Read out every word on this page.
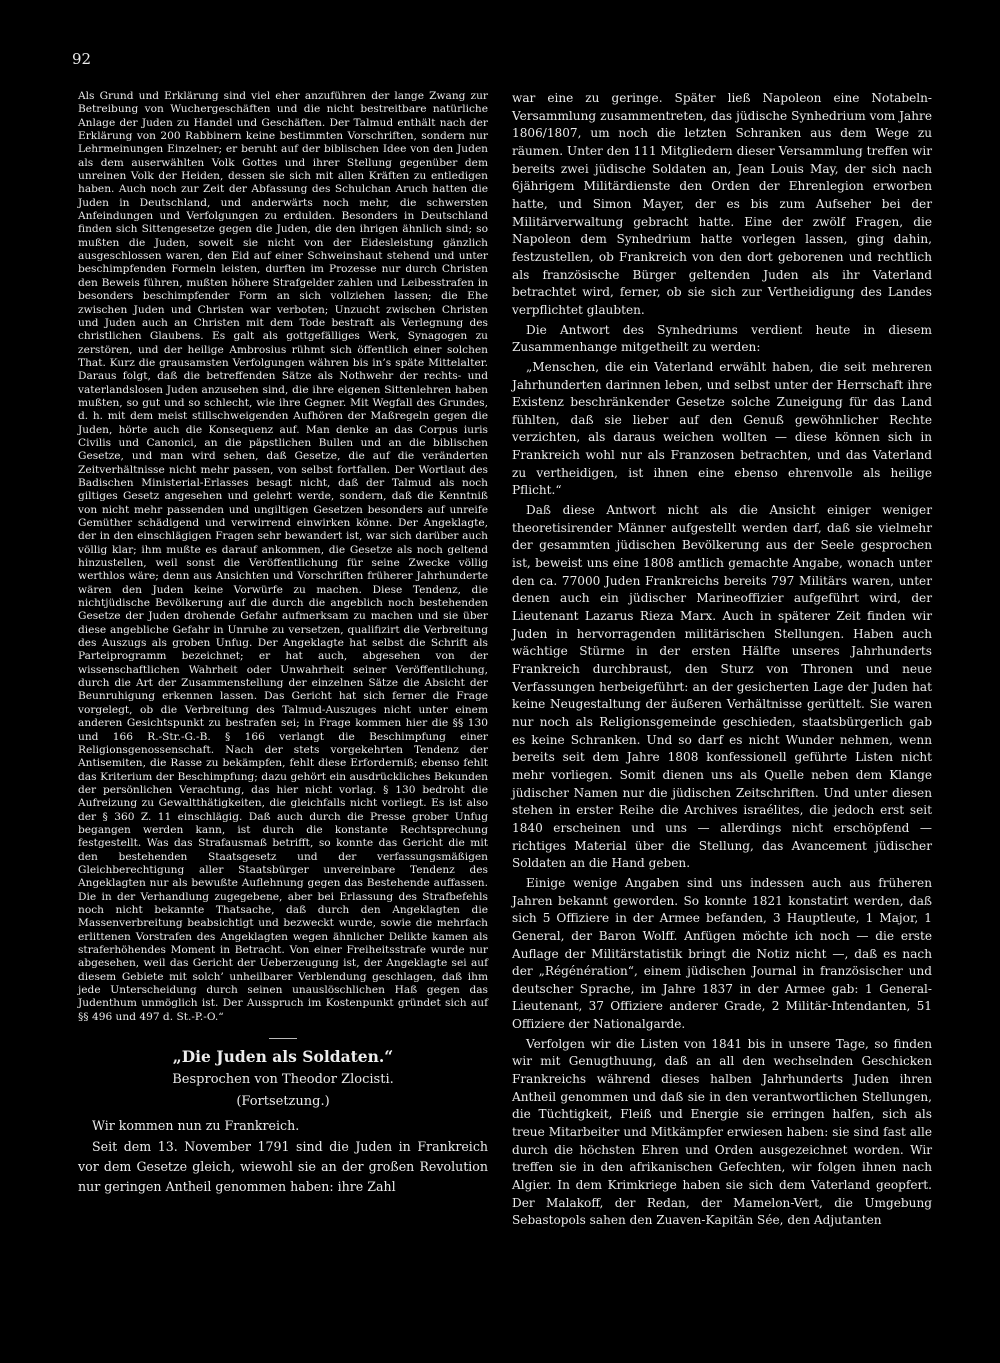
92

Als Grund und Erklärung sind viel eher anzuführen der lange Zwang zur Betreibung von Wuchergeschäften und die nicht bestreitbare natürliche Anlage der Juden zu Handel und Geschäften. Der Talmud enthält nach der Erklärung von 200 Rabbinern keine bestimmten Vorschriften, sondern nur Lehrmeinungen Einzelner; er beruht auf der biblischen Idee von den Juden als dem auserwählten Volk Gottes und ihrer Stellung gegenüber dem unreinen Volk der Heiden, dessen sie sich mit allen Kräften zu entledigen haben. Auch noch zur Zeit der Abfassung des Schulchan Aruch hatten die Juden in Deutschland, und anderwärts noch mehr, die schwersten Anfeindungen und Verfolgungen zu erdulden. Besonders in Deutschland finden sich Sittengesetze gegen die Juden, die den ihrigen ähnlich sind; so mußten die Juden, soweit sie nicht von der Eidesleistung gänzlich ausgeschlossen waren, den Eid auf einer Schweinshaut stehend und unter beschimpfenden Formeln leisten, durften im Prozesse nur durch Christen den Beweis führen, mußten höhere Strafgelder zahlen und Leibesstrafen in besonders beschimpfender Form an sich vollziehen lassen; die Ehe zwischen Juden und Christen war verboten; Unzucht zwischen Christen und Juden auch an Christen mit dem Tode bestraft als Verlegnung des christlichen Glaubens. Es galt als gottgefälliges Werk, Synagogen zu zerstören, und der heilige Ambrosius rühmt sich öffentlich einer solchen That. Kurz die grausamsten Verfolgungen währen bis in’s späte Mittelalter. Daraus folgt, daß die betreffenden Sätze als Nothwehr der rechts- und vaterlandslosen Juden anzusehen sind, die ihre eigenen Sittenlehren haben mußten, so gut und so schlecht, wie ihre Gegner. Mit Wegfall des Grundes, d. h. mit dem meist stillschweigenden Aufhören der Maßregeln gegen die Juden, hörte auch die Konsequenz auf. Man denke an das Corpus iuris Civilis und Canonici, an die päpstlichen Bullen und an die biblischen Gesetze, und man wird sehen, daß Gesetze, die auf die veränderten Zeitverhältnisse nicht mehr passen, von selbst fortfallen. Der Wortlaut des Badischen Ministerial-Erlasses besagt nicht, daß der Talmud als noch giltiges Gesetz angesehen und gelehrt werde, sondern, daß die Kenntniß von nicht mehr passenden und ungiltigen Gesetzen besonders auf unreife Gemüther schädigend und verwirrend einwirken könne. Der Angeklagte, der in den einschlägigen Fragen sehr bewandert ist, war sich darüber auch völlig klar; ihm mußte es darauf ankommen, die Gesetze als noch geltend hinzustellen, weil sonst die Veröffentlichung für seine Zwecke völlig werthlos wäre; denn aus Ansichten und Vorschriften früherer Jahrhunderte wären den Juden keine Vorwürfe zu machen. Diese Tendenz, die nichtjüdische Bevölkerung auf die durch die angeblich noch bestehenden Gesetze der Juden drohende Gefahr aufmerksam zu machen und sie über diese angebliche Gefahr in Unruhe zu versetzen, qualifizirt die Verbreitung des Auszugs als groben Unfug. Der Angeklagte hat selbst die Schrift als Parteiprogramm bezeichnet; er hat auch, abgesehen von der wissenschaftlichen Wahrheit oder Unwahrheit seiner Veröffentlichung, durch die Art der Zusammenstellung der einzelnen Sätze die Absicht der Beunruhigung erkennen lassen. Das Gericht hat sich ferner die Frage vorgelegt, ob die Verbreitung des Talmud-Auszuges nicht unter einem anderen Gesichtspunkt zu bestrafen sei; in Frage kommen hier die §§ 130 und 166 R.-Str.-G.-B. § 166 verlangt die Beschimpfung einer Religionsgenossenschaft. Nach der stets vorgekehrten Tendenz der Antisemiten, die Rasse zu bekämpfen, fehlt diese Erforderniß; ebenso fehlt das Kriterium der Beschimpfung; dazu gehört ein ausdrückliches Bekunden der persönlichen Verachtung, das hier nicht vorlag. § 130 bedroht die Aufreizung zu Gewaltthätigkeiten, die gleichfalls nicht vorliegt. Es ist also der § 360 Z. 11 einschlägig. Daß auch durch die Presse grober Unfug begangen werden kann, ist durch die konstante Rechtsprechung festgestellt. Was das Strafausmaß betrifft, so konnte das Gericht die mit den bestehenden Staatsgesetz und der verfassungsmäßigen Gleichberechtigung aller Staatsbürger unvereinbare Tendenz des Angeklagten nur als bewußte Auflehnung gegen das Bestehende auffassen. Die in der Verhandlung zugegebene, aber bei Erlassung des Strafbefehls noch nicht bekannte Thatsache, daß durch den Angeklagten die Massenverbreitung beabsichtigt und bezweckt wurde, sowie die mehrfach erlittenen Vorstrafen des Angeklagten wegen ähnlicher Delikte kamen als straferhöhendes Moment in Betracht. Von einer Freiheitsstrafe wurde nur abgesehen, weil das Gericht der Ueberzeugung ist, der Angeklagte sei auf diesem Gebiete mit solch’ unheilbarer Verblendung geschlagen, daß ihm jede Unterscheidung durch seinen unauslöschlichen Haß gegen das Judenthum unmöglich ist. Der Ausspruch im Kostenpunkt gründet sich auf §§ 496 und 497 d. St.-P.-O.“

„Die Juden als Soldaten.“
Besprochen von Theodor Zlocisti.
(Fortsetzung.)

Wir kommen nun zu Frankreich.

Seit dem 13. November 1791 sind die Juden in Frankreich vor dem Gesetze gleich, wiewohl sie an der großen Revolution nur geringen Antheil genommen haben: ihre Zahl

war eine zu geringe. Später ließ Napoleon eine Notabeln-Versammlung zusammentreten, das jüdische Synhedrium vom Jahre 1806/1807, um noch die letzten Schranken aus dem Wege zu räumen. Unter den 111 Mitgliedern dieser Versammlung treffen wir bereits zwei jüdische Soldaten an, Jean Louis May, der sich nach 6jährigem Militärdienste den Orden der Ehrenlegion erworben hatte, und Simon Mayer, der es bis zum Aufseher bei der Militärverwaltung gebracht hatte. Eine der zwölf Fragen, die Napoleon dem Synhedrium hatte vorlegen lassen, ging dahin, festzustellen, ob Frankreich von den dort geborenen und rechtlich als französische Bürger geltenden Juden als ihr Vaterland betrachtet wird, ferner, ob sie sich zur Vertheidigung des Landes verpflichtet glaubten.

Die Antwort des Synhedriums verdient heute in diesem Zusammenhange mitgetheilt zu werden:

„Menschen, die ein Vaterland erwählt haben, die seit mehreren Jahrhunderten darinnen leben, und selbst unter der Herrschaft ihre Existenz beschränkender Gesetze solche Zuneigung für das Land fühlten, daß sie lieber auf den Genuß gewöhnlicher Rechte verzichten, als daraus weichen wollten — diese können sich in Frankreich wohl nur als Franzosen betrachten, und das Vaterland zu vertheidigen, ist ihnen eine ebenso ehrenvolle als heilige Pflicht.“

Daß diese Antwort nicht als die Ansicht einiger weniger theoretisirender Männer aufgestellt werden darf, daß sie vielmehr der gesammten jüdischen Bevölkerung aus der Seele gesprochen ist, beweist uns eine 1808 amtlich gemachte Angabe, wonach unter den ca. 77000 Juden Frankreichs bereits 797 Militärs waren, unter denen auch ein jüdischer Marineoffizier aufgeführt wird, der Lieutenant Lazarus Rieza Marx. Auch in späterer Zeit finden wir Juden in hervorragenden militärischen Stellungen. Haben auch wächtige Stürme in der ersten Hälfte unseres Jahrhunderts Frankreich durchbraust, den Sturz von Thronen und neue Verfassungen herbeigeführt: an der gesicherten Lage der Juden hat keine Neugestaltung der äußeren Verhältnisse gerüttelt. Sie waren nur noch als Religionsgemeinde geschieden, staatsbürgerlich gab es keine Schranken. Und so darf es nicht Wunder nehmen, wenn bereits seit dem Jahre 1808 konfessionell geführte Listen nicht mehr vorliegen. Somit dienen uns als Quelle neben dem Klange jüdischer Namen nur die jüdischen Zeitschriften. Und unter diesen stehen in erster Reihe die Archives israélites, die jedoch erst seit 1840 erscheinen und uns — allerdings nicht erschöpfend — richtiges Material über die Stellung, das Avancement jüdischer Soldaten an die Hand geben.

Einige wenige Angaben sind uns indessen auch aus früheren Jahren bekannt geworden. So konnte 1821 konstatirt werden, daß sich 5 Offiziere in der Armee befanden, 3 Hauptleute, 1 Major, 1 General, der Baron Wolff. Anfügen möchte ich noch — die erste Auflage der Militärstatistik bringt die Notiz nicht —, daß es nach der „Régénération“, einem jüdischen Journal in französischer und deutscher Sprache, im Jahre 1837 in der Armee gab: 1 General-Lieutenant, 37 Offiziere anderer Grade, 2 Militär-Intendanten, 51 Offiziere der Nationalgarde.

Verfolgen wir die Listen von 1841 bis in unsere Tage, so finden wir mit Genugthuung, daß an all den wechselnden Geschicken Frankreichs während dieses halben Jahrhunderts Juden ihren Antheil genommen und daß sie in den verantwortlichen Stellungen, die Tüchtigkeit, Fleiß und Energie sie erringen halfen, sich als treue Mitarbeiter und Mitkämpfer erwiesen haben: sie sind fast alle durch die höchsten Ehren und Orden ausgezeichnet worden. Wir treffen sie in den afrikanischen Gefechten, wir folgen ihnen nach Algier. In dem Krimkriege haben sie sich dem Vaterland geopfert. Der Malakoff, der Redan, der Mamelon-Vert, die Umgebung Sebastopols sahen den Zuaven-Kapitän Sée, den Adjutanten
